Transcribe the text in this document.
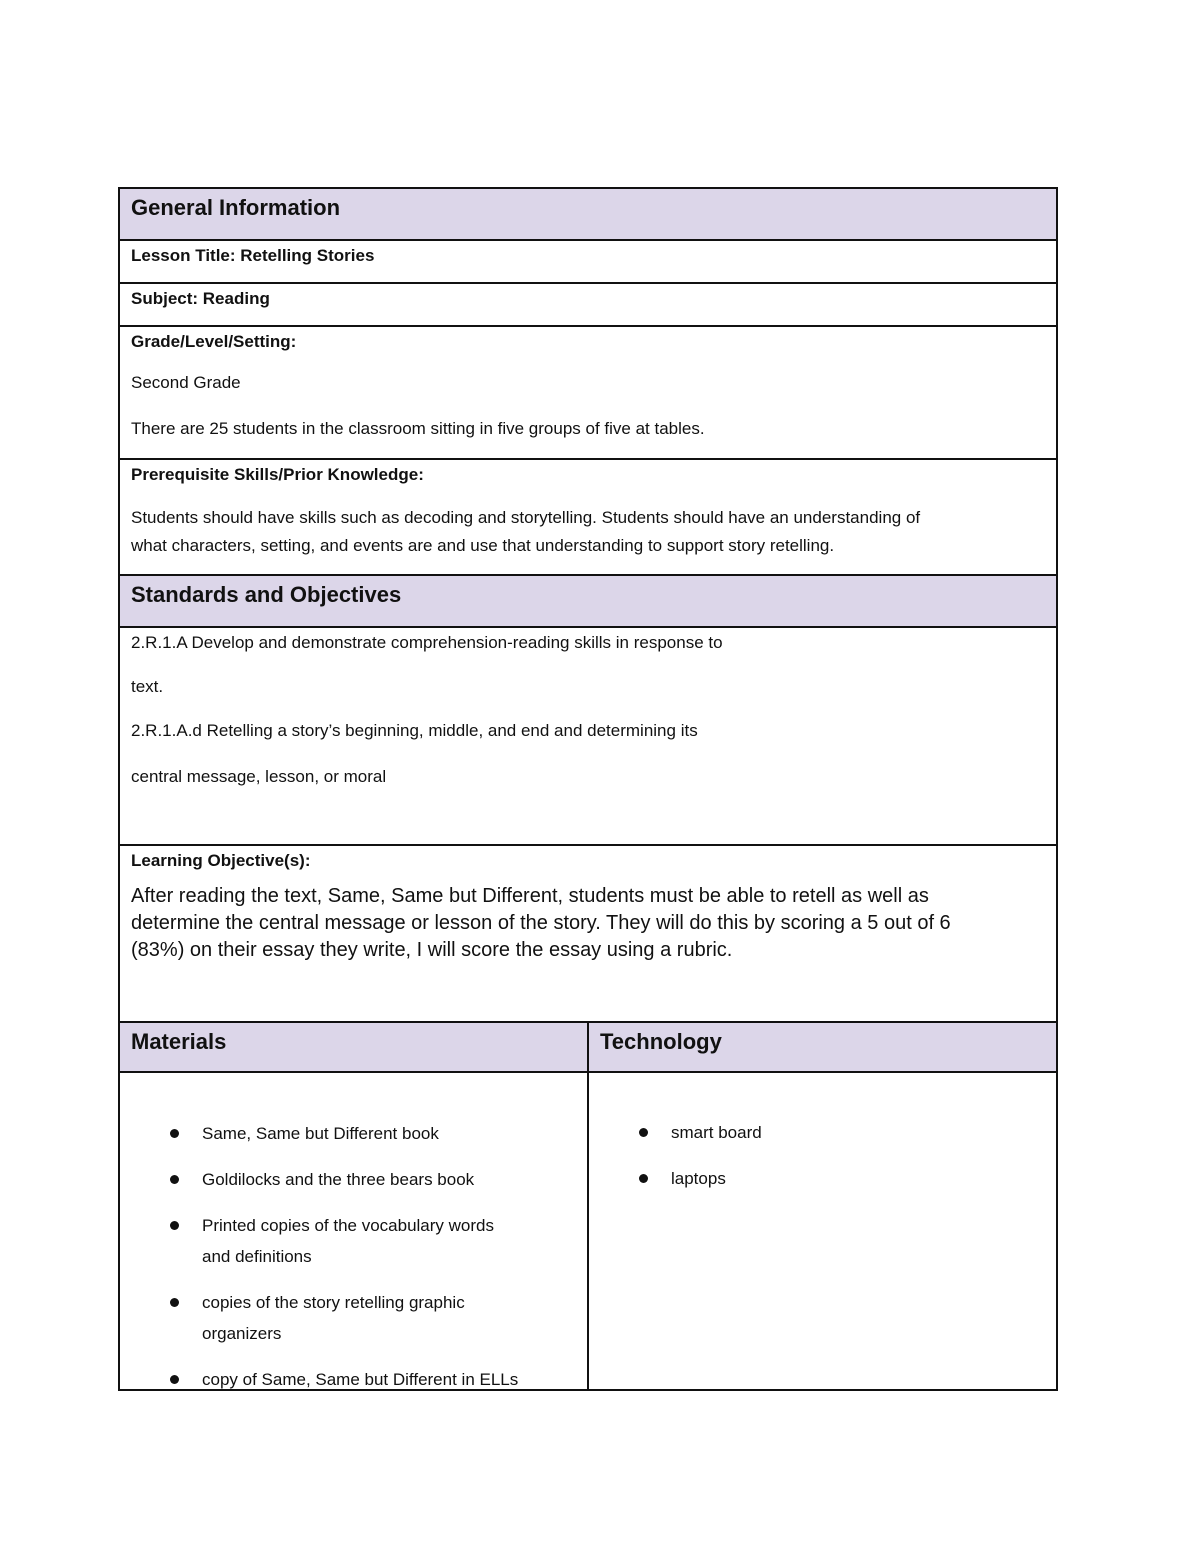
General Information
Lesson Title: Retelling Stories
Subject: Reading
Grade/Level/Setting:
Second Grade
There are 25 students in the classroom sitting in five groups of five at tables.
Prerequisite Skills/Prior Knowledge:
Students should have skills such as decoding and storytelling. Students should have an understanding of
what characters, setting, and events are and use that understanding to support story retelling.
Standards and Objectives
2.R.1.A Develop and demonstrate comprehension-reading skills in response to
text.
2.R.1.A.d Retelling a story’s beginning, middle, and end and determining its
central message, lesson, or moral
Learning Objective(s):
After reading the text, Same, Same but Different, students must be able to retell as well as
determine the central message or lesson of the story. They will do this by scoring a 5 out of 6
(83%) on their essay they write, I will score the essay using a rubric.
Materials	Technology
Same, Same but Different book
Goldilocks and the three bears book
Printed copies of the vocabulary words
and definitions
copies of the story retelling graphic
organizers
copy of Same, Same but Different in ELLs
smart board
laptops
